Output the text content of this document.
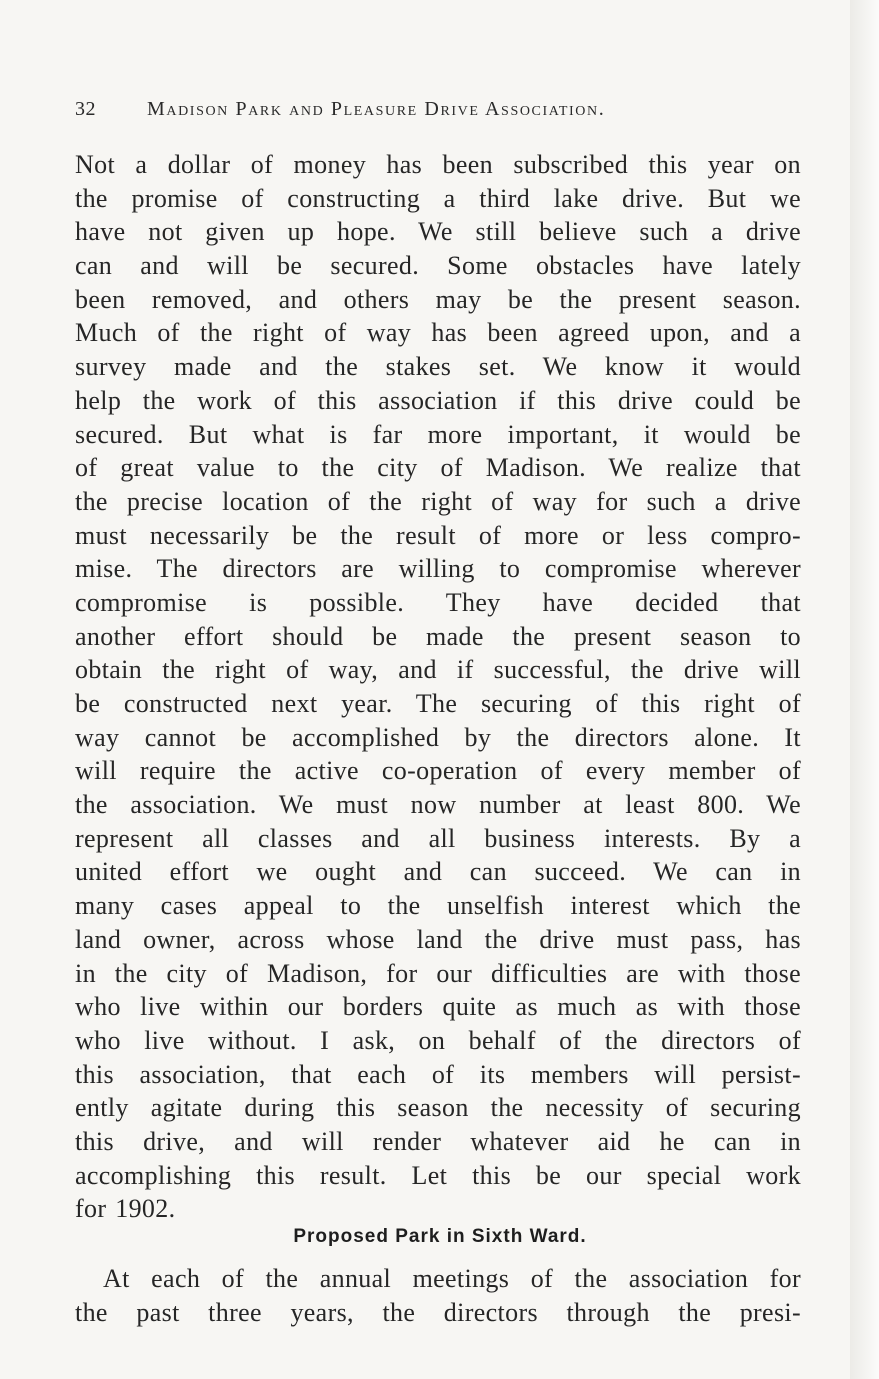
32	Madison Park and Pleasure Drive Association.
Not a dollar of money has been subscribed this year on
the promise of constructing a third lake drive. But we
have not given up hope. We still believe such a drive
can and will be secured. Some obstacles have lately
been removed, and others may be the present season.
Much of the right of way has been agreed upon, and a
survey made and the stakes set. We know it would
help the work of this association if this drive could be
secured. But what is far more important, it would be
of great value to the city of Madison. We realize that
the precise location of the right of way for such a drive
must necessarily be the result of more or less compro-
mise. The directors are willing to compromise wherever
compromise is possible. They have decided that
another effort should be made the present season to
obtain the right of way, and if successful, the drive will
be constructed next year. The securing of this right of
way cannot be accomplished by the directors alone. It
will require the active co-operation of every member of
the association. We must now number at least 800. We
represent all classes and all business interests. By a
united effort we ought and can succeed. We can in
many cases appeal to the unselfish interest which the
land owner, across whose land the drive must pass, has
in the city of Madison, for our difficulties are with those
who live within our borders quite as much as with those
who live without. I ask, on behalf of the directors of
this association, that each of its members will persist-
ently agitate during this season the necessity of securing
this drive, and will render whatever aid he can in
accomplishing this result. Let this be our special work
for 1902.
Proposed Park in Sixth Ward.
At each of the annual meetings of the association for
the past three years, the directors through the presi-
